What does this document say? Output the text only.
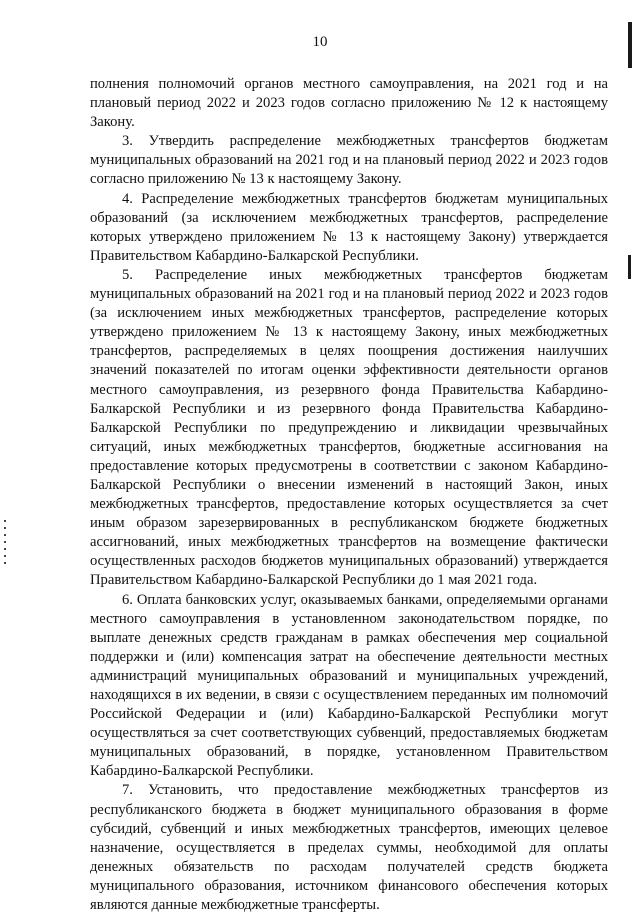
10

полнения полномочий органов местного самоуправления, на 2021 год и на плановый период 2022 и 2023 годов согласно приложению № 12 к настоящему Закону.

3. Утвердить распределение межбюджетных трансфертов бюджетам муниципальных образований на 2021 год и на плановый период 2022 и 2023 годов согласно приложению № 13 к настоящему Закону.

4. Распределение межбюджетных трансфертов бюджетам муниципальных образований (за исключением межбюджетных трансфертов, распределение которых утверждено приложением № 13 к настоящему Закону) утверждается Правительством Кабардино-Балкарской Республики.

5. Распределение иных межбюджетных трансфертов бюджетам муниципальных образований на 2021 год и на плановый период 2022 и 2023 годов (за исключением иных межбюджетных трансфертов, распределение которых утверждено приложением № 13 к настоящему Закону, иных межбюджетных трансфертов, распределяемых в целях поощрения достижения наилучших значений показателей по итогам оценки эффективности деятельности органов местного самоуправления, из резервного фонда Правительства Кабардино-Балкарской Республики и из резервного фонда Правительства Кабардино-Балкарской Республики по предупреждению и ликвидации чрезвычайных ситуаций, иных межбюджетных трансфертов, бюджетные ассигнования на предоставление которых предусмотрены в соответствии с законом Кабардино-Балкарской Республики о внесении изменений в настоящий Закон, иных межбюджетных трансфертов, предоставление которых осуществляется за счет иным образом зарезервированных в республиканском бюджете бюджетных ассигнований, иных межбюджетных трансфертов на возмещение фактически осуществленных расходов бюджетов муниципальных образований) утверждается Правительством Кабардино-Балкарской Республики до 1 мая 2021 года.

6. Оплата банковских услуг, оказываемых банками, определяемыми органами местного самоуправления в установленном законодательством порядке, по выплате денежных средств гражданам в рамках обеспечения мер социальной поддержки и (или) компенсация затрат на обеспечение деятельности местных администраций муниципальных образований и муниципальных учреждений, находящихся в их ведении, в связи с осуществлением переданных им полномочий Российской Федерации и (или) Кабардино-Балкарской Республики могут осуществляться за счет соответствующих субвенций, предоставляемых бюджетам муниципальных образований, в порядке, установленном Правительством Кабардино-Балкарской Республики.

7. Установить, что предоставление межбюджетных трансфертов из республиканского бюджета в бюджет муниципального образования в форме субсидий, субвенций и иных межбюджетных трансфертов, имеющих целевое назначение, осуществляется в пределах суммы, необходимой для оплаты денежных обязательств по расходам получателей средств бюджета муниципального образования, источником финансового обеспечения которых являются данные межбюджетные трансферты.
